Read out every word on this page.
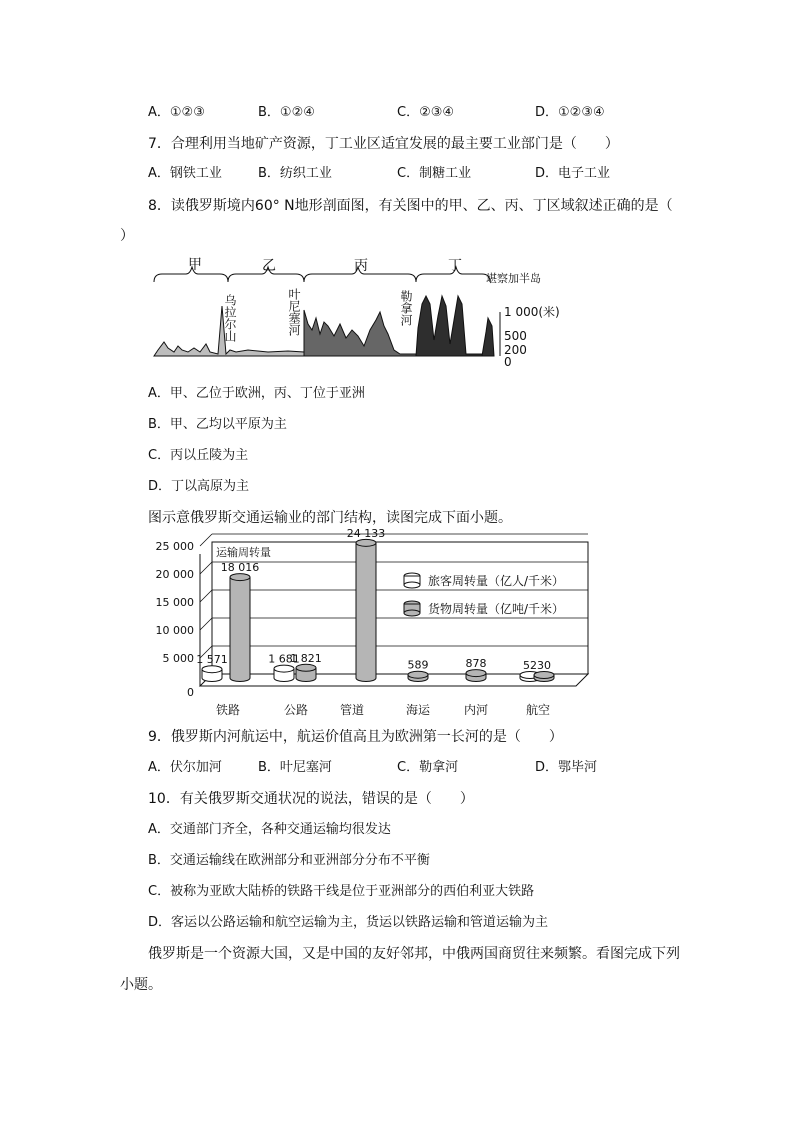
A．①②③	B．①②④	C．②③④	D．①②③④
7．合理利用当地矿产资源，丁工业区适宜发展的最主要工业部门是（　　）
A．钢铁工业	B．纺织工业	C．制糖工业	D．电子工业
8．读俄罗斯境内60° N地形剖面图，有关图中的甲、乙、丙、丁区域叙述正确的是（
）
甲	乙	丙	丁
乌拉尔山	叶尼塞河	勒拿河
堪察加半岛
1 000(米)
500
200
0
A．甲、乙位于欧洲，丙、丁位于亚洲
B．甲、乙均以平原为主
C．丙以丘陵为主
D．丁以高原为主
图示意俄罗斯交通运输业的部门结构，读图完成下面小题。
25 000
20 000
15 000
10 000
5 000
0
铁路	公路	管道	海运	内河	航空
1 571
18 016
1 681
1 821
24 133
589	878	52 30
运输周转量
旅客周转量（亿人/千米）
货物周转量（亿吨/千米）
9．俄罗斯内河航运中，航运价值高且为欧洲第一长河的是（　　）
A．伏尔加河	B．叶尼塞河	C．勒拿河	D．鄂毕河
10．有关俄罗斯交通状况的说法，错误的是（　　）
A．交通部门齐全，各种交通运输均很发达
B．交通运输线在欧洲部分和亚洲部分分布不平衡
C．被称为亚欧大陆桥的铁路干线是位于亚洲部分的西伯利亚大铁路
D．客运以公路运输和航空运输为主，货运以铁路运输和管道运输为主
俄罗斯是一个资源大国，又是中国的友好邻邦，中俄两国商贸往来频繁。看图完成下列
小题。
